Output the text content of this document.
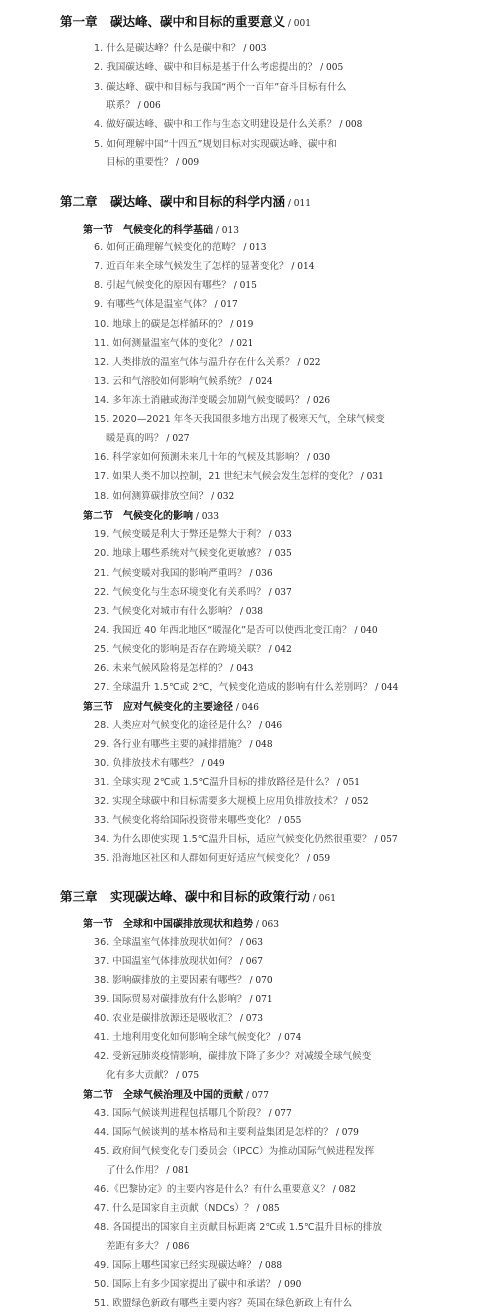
第一章　碳达峰、碳中和目标的重要意义 / 001
1. 什么是碳达峰？什么是碳中和？ / 003
2. 我国碳达峰、碳中和目标是基于什么考虑提出的？ / 005
3. 碳达峰、碳中和目标与我国“两个一百年”奋斗目标有什么
联系？ / 006
4. 做好碳达峰、碳中和工作与生态文明建设是什么关系？ / 008
5. 如何理解中国“十四五”规划目标对实现碳达峰、碳中和
目标的重要性？ / 009
第二章　碳达峰、碳中和目标的科学内涵 / 011
第一节　气候变化的科学基础 / 013
6. 如何正确理解气候变化的范畴？ / 013
7. 近百年来全球气候发生了怎样的显著变化？ / 014
8. 引起气候变化的原因有哪些？ / 015
9. 有哪些气体是温室气体？ / 017
10. 地球上的碳是怎样循环的？ / 019
11. 如何测量温室气体的变化？ / 021
12. 人类排放的温室气体与温升存在什么关系？ / 022
13. 云和气溶胶如何影响气候系统？ / 024
14. 多年冻土消融或海洋变暖会加剧气候变暖吗？ / 026
15. 2020—2021 年冬天我国很多地方出现了极寒天气，全球气候变
暖是真的吗？ / 027
16. 科学家如何预测未来几十年的气候及其影响？ / 030
17. 如果人类不加以控制，21 世纪末气候会发生怎样的变化？ / 031
18. 如何测算碳排放空间？ / 032
第二节　气候变化的影响 / 033
19. 气候变暖是利大于弊还是弊大于利？ / 033
20. 地球上哪些系统对气候变化更敏感？ / 035
21. 气候变暖对我国的影响严重吗？ / 036
22. 气候变化与生态环境变化有关系吗？ / 037
23. 气候变化对城市有什么影响？ / 038
24. 我国近 40 年西北地区“暖湿化”是否可以使西北变江南？ / 040
25. 气候变化的影响是否存在跨境关联？ / 042
26. 未来气候风险将是怎样的？ / 043
27. 全球温升 1.5℃或 2℃，气候变化造成的影响有什么差别吗？ / 044
第三节　应对气候变化的主要途径 / 046
28. 人类应对气候变化的途径是什么？ / 046
29. 各行业有哪些主要的减排措施？ / 048
30. 负排放技术有哪些？ / 049
31. 全球实现 2℃或 1.5℃温升目标的排放路径是什么？ / 051
32. 实现全球碳中和目标需要多大规模上应用负排放技术？ / 052
33. 气候变化将给国际投资带来哪些变化？ / 055
34. 为什么即使实现 1.5℃温升目标，适应气候变化仍然很重要？ / 057
35. 沿海地区社区和人群如何更好适应气候变化？ / 059
第三章　实现碳达峰、碳中和目标的政策行动 / 061
第一节　全球和中国碳排放现状和趋势 / 063
36. 全球温室气体排放现状如何？ / 063
37. 中国温室气体排放现状如何？ / 067
38. 影响碳排放的主要因素有哪些？ / 070
39. 国际贸易对碳排放有什么影响？ / 071
40. 农业是碳排放源还是吸收汇？ / 073
41. 土地利用变化如何影响全球气候变化？ / 074
42. 受新冠肺炎疫情影响，碳排放下降了多少？对减缓全球气候变
化有多大贡献？ / 075
第二节　全球气候治理及中国的贡献 / 077
43. 国际气候谈判进程包括哪几个阶段？ / 077
44. 国际气候谈判的基本格局和主要利益集团是怎样的？ / 079
45. 政府间气候变化专门委员会（IPCC）为推动国际气候进程发挥
了什么作用？ / 081
46.《巴黎协定》的主要内容是什么？有什么重要意义？ / 082
47. 什么是国家自主贡献（NDCs）？ / 085
48. 各国提出的国家自主贡献目标距离 2℃或 1.5℃温升目标的排放
差距有多大？ / 086
49. 国际上哪些国家已经实现碳达峰？ / 088
50. 国际上有多少国家提出了碳中和承诺？ / 090
51. 欧盟绿色新政有哪些主要内容？英国在绿色新政上有什么
